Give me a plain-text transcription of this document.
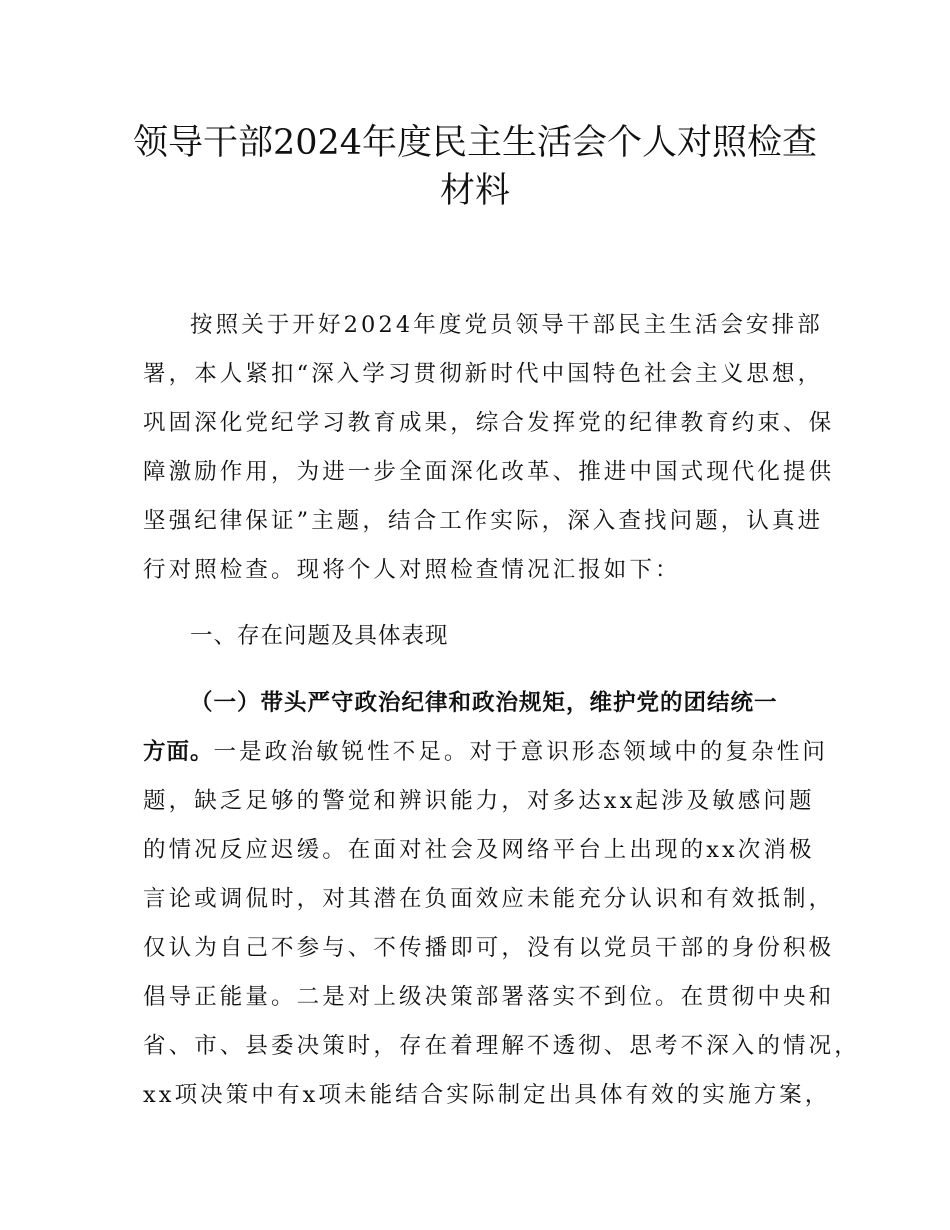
领导干部2024年度民主生活会个人对照检查
材料

按照关于开好2024年度党员领导干部民主生活会安排部

署，本人紧扣“深入学习贯彻新时代中国特色社会主义思想，

巩固深化党纪学习教育成果，综合发挥党的纪律教育约束、保

障激励作用，为进一步全面深化改革、推进中国式现代化提供

坚强纪律保证”主题，结合工作实际，深入查找问题，认真进

行对照检查。现将个人对照检查情况汇报如下：

一、存在问题及具体表现

（一）带头严守政治纪律和政治规矩，维护党的团结统一

方面。一是政治敏锐性不足。对于意识形态领域中的复杂性问

题，缺乏足够的警觉和辨识能力，对多达xx起涉及敏感问题

的情况反应迟缓。在面对社会及网络平台上出现的xx次消极

言论或调侃时，对其潜在负面效应未能充分认识和有效抵制，

仅认为自己不参与、不传播即可，没有以党员干部的身份积极

倡导正能量。二是对上级决策部署落实不到位。在贯彻中央和

省、市、县委决策时，存在着理解不透彻、思考不深入的情况，

xx项决策中有x项未能结合实际制定出具体有效的实施方案，
